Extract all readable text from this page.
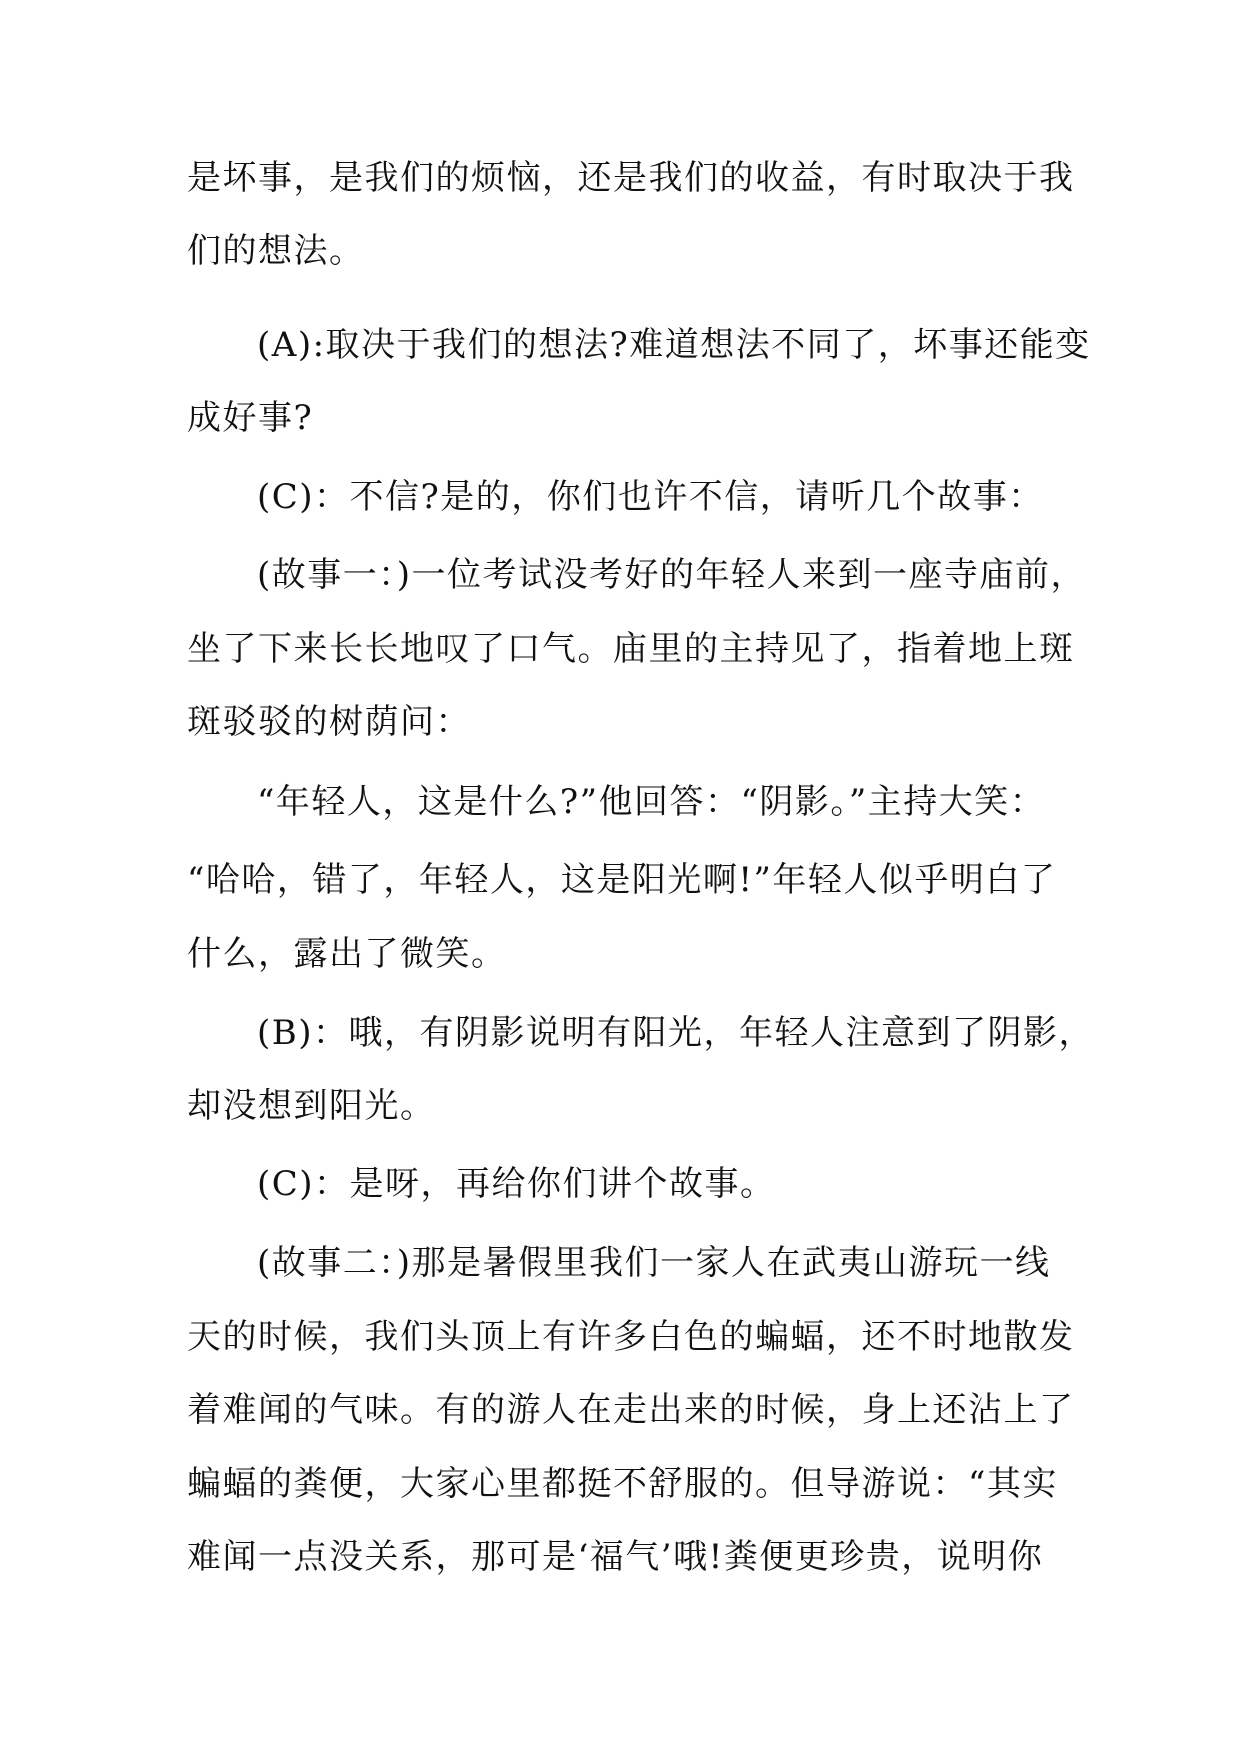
是坏事，是我们的烦恼，还是我们的收益，有时取决于我
们的想法。
(A):取决于我们的想法?难道想法不同了，坏事还能变
成好事?
(C)：不信?是的，你们也许不信，请听几个故事：
(故事一：)一位考试没考好的年轻人来到一座寺庙前，
坐了下来长长地叹了口气。庙里的主持见了，指着地上斑
斑驳驳的树荫问：
“年轻人，这是什么?”他回答：“阴影。”主持大笑：
“哈哈，错了，年轻人，这是阳光啊!”年轻人似乎明白了
什么，露出了微笑。
(B)：哦，有阴影说明有阳光，年轻人注意到了阴影，
却没想到阳光。
(C)：是呀，再给你们讲个故事。
(故事二：)那是暑假里我们一家人在武夷山游玩一线
天的时候，我们头顶上有许多白色的蝙蝠，还不时地散发
着难闻的气味。有的游人在走出来的时候，身上还沾上了
蝙蝠的粪便，大家心里都挺不舒服的。但导游说：“其实
难闻一点没关系，那可是‘福气’哦!粪便更珍贵，说明你
